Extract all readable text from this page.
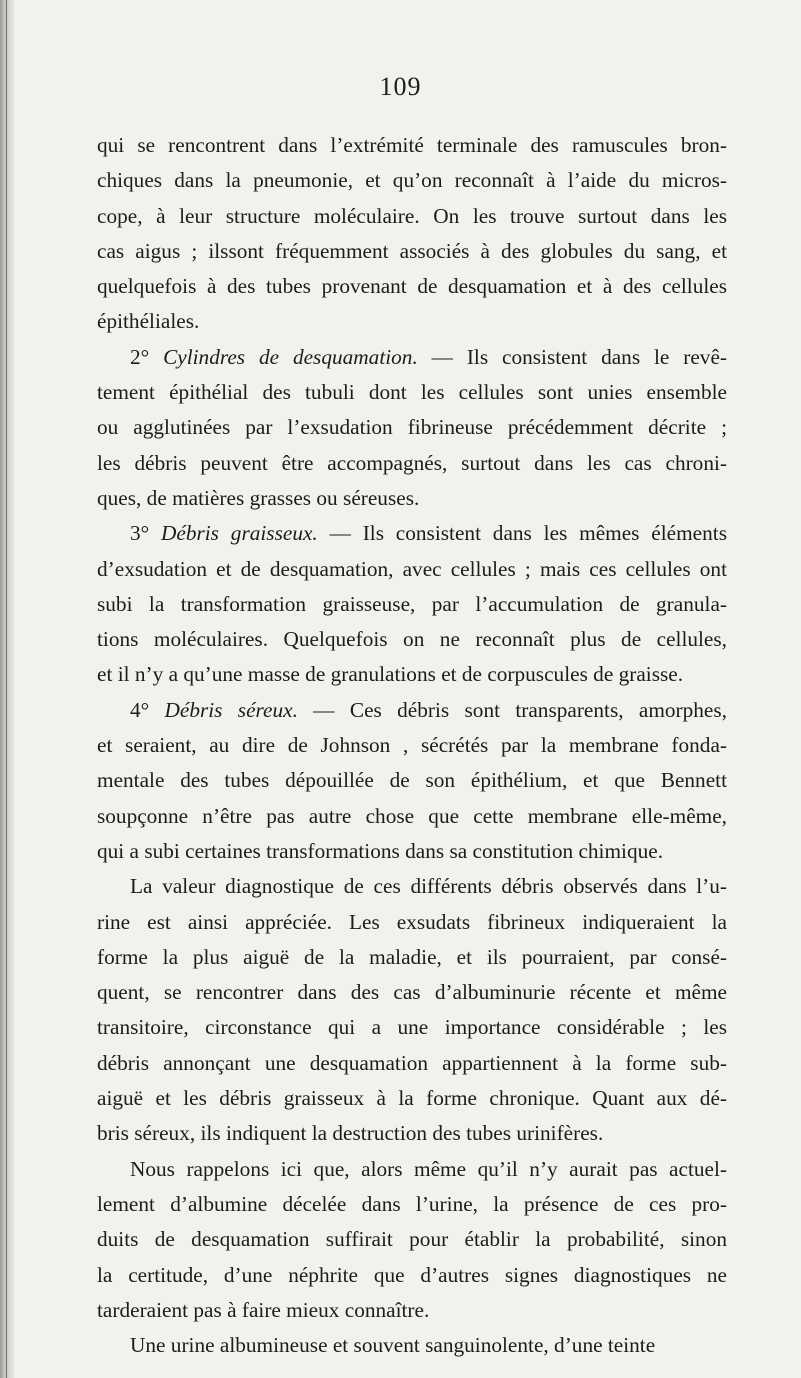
109
qui se rencontrent dans l’extrémité terminale des ramuscules bron-
chiques dans la pneumonie, et qu’on reconnaît à l’aide du micros-
cope, à leur structure moléculaire. On les trouve surtout dans les
cas aigus ; ilssont fréquemment associés à des globules du sang, et
quelquefois à des tubes provenant de desquamation et à des cellules
épithéliales.
2° Cylindres de desquamation. — Ils consistent dans le revê-
tement épithélial des tubuli dont les cellules sont unies ensemble
ou agglutinées par l’exsudation fibrineuse précédemment décrite ;
les débris peuvent être accompagnés, surtout dans les cas chroni-
ques, de matières grasses ou séreuses.
3° Débris graisseux. — Ils consistent dans les mêmes éléments
d’exsudation et de desquamation, avec cellules ; mais ces cellules ont
subi la transformation graisseuse, par l’accumulation de granula-
tions moléculaires. Quelquefois on ne reconnaît plus de cellules,
et il n’y a qu’une masse de granulations et de corpuscules de graisse.
4° Débris séreux. — Ces débris sont transparents, amorphes,
et seraient, au dire de Johnson , sécrétés par la membrane fonda-
mentale des tubes dépouillée de son épithélium, et que Bennett
soupçonne n’être pas autre chose que cette membrane elle-même,
qui a subi certaines transformations dans sa constitution chimique.
La valeur diagnostique de ces différents débris observés dans l’u-
rine est ainsi appréciée. Les exsudats fibrineux indiqueraient la
forme la plus aiguë de la maladie, et ils pourraient, par consé-
quent, se rencontrer dans des cas d’albuminurie récente et même
transitoire, circonstance qui a une importance considérable ; les
débris annonçant une desquamation appartiennent à la forme sub-
aiguë et les débris graisseux à la forme chronique. Quant aux dé-
bris séreux, ils indiquent la destruction des tubes urinifères.
Nous rappelons ici que, alors même qu’il n’y aurait pas actuel-
lement d’albumine décelée dans l’urine, la présence de ces pro-
duits de desquamation suffirait pour établir la probabilité, sinon
la certitude, d’une néphrite que d’autres signes diagnostiques ne
tarderaient pas à faire mieux connaître.
Une urine albumineuse et souvent sanguinolente, d’une teinte
